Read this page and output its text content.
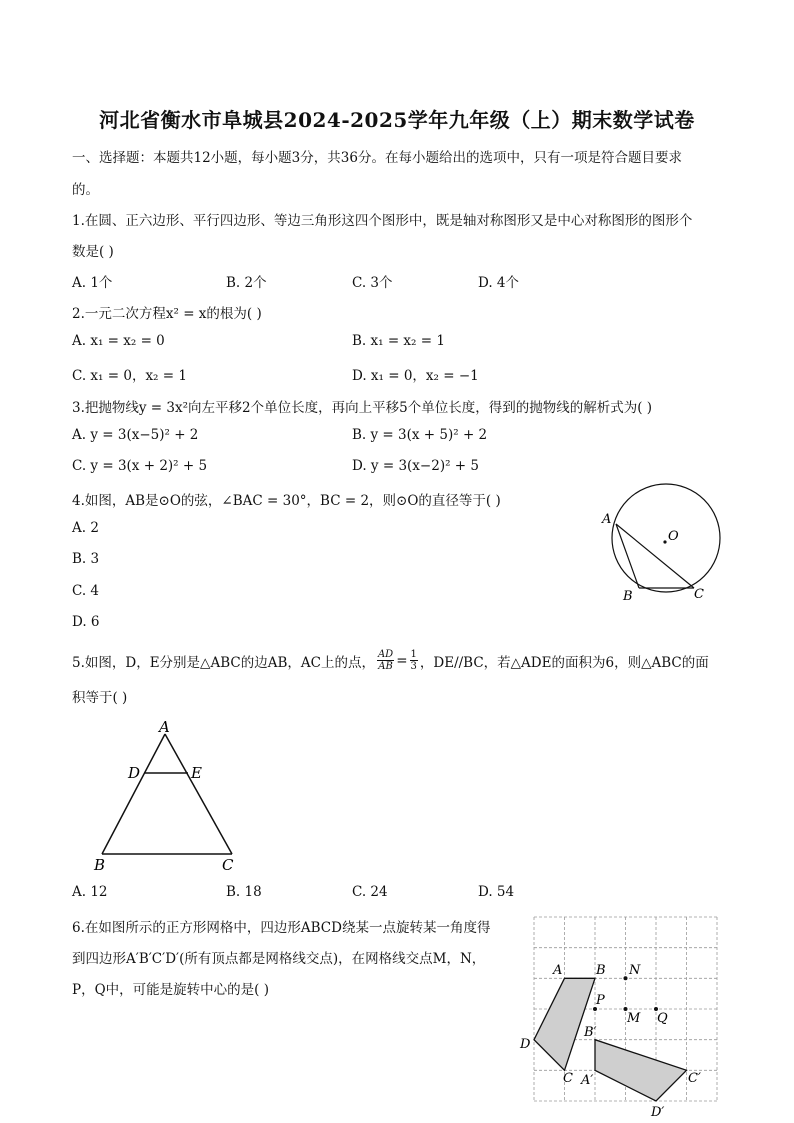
河北省衡水市阜城县2024-2025学年九年级（上）期末数学试卷
一、选择题：本题共12小题，每小题3分，共36分。在每小题给出的选项中，只有一项是符合题目要求
的。
1.在圆、正六边形、平行四边形、等边三角形这四个图形中，既是轴对称图形又是中心对称图形的图形个
数是( )
A. 1个	B. 2个	C. 3个	D. 4个
2.一元二次方程x² = x的根为( )
A. x₁ = x₂ = 0	B. x₁ = x₂ = 1
C. x₁ = 0，x₂ = 1	D. x₁ = 0，x₂ = −1
3.把抛物线y = 3x²向左平移2个单位长度，再向上平移5个单位长度，得到的抛物线的解析式为( )
A. y = 3(x−5)² + 2	B. y = 3(x + 5)² + 2
C. y = 3(x + 2)² + 5	D. y = 3(x−2)² + 5
4.如图，AB是⊙O的弦，∠BAC = 30°，BC = 2，则⊙O的直径等于( )
A. 2
B. 3
C. 4
D. 6
O
A
B	C
5.如图，D，E分别是△ABC的边AB，AC上的点， $\frac{AD}{AB} = \frac{1}{3}$ ，DE//BC，若△ADE的面积为6，则△ABC的面
积等于( )
A
D	E
B	C
A. 12	B. 18	C. 24	D. 54
6.在如图所示的正方形网格中，四边形ABCD绕某一点旋转某一角度得
到四边形A′B′C′D′(所有顶点都是网格线交点)，在网格线交点M，N，
P，Q中，可能是旋转中心的是( )
A	B N
P
M Q
B′
D
C A′	C′
D′
